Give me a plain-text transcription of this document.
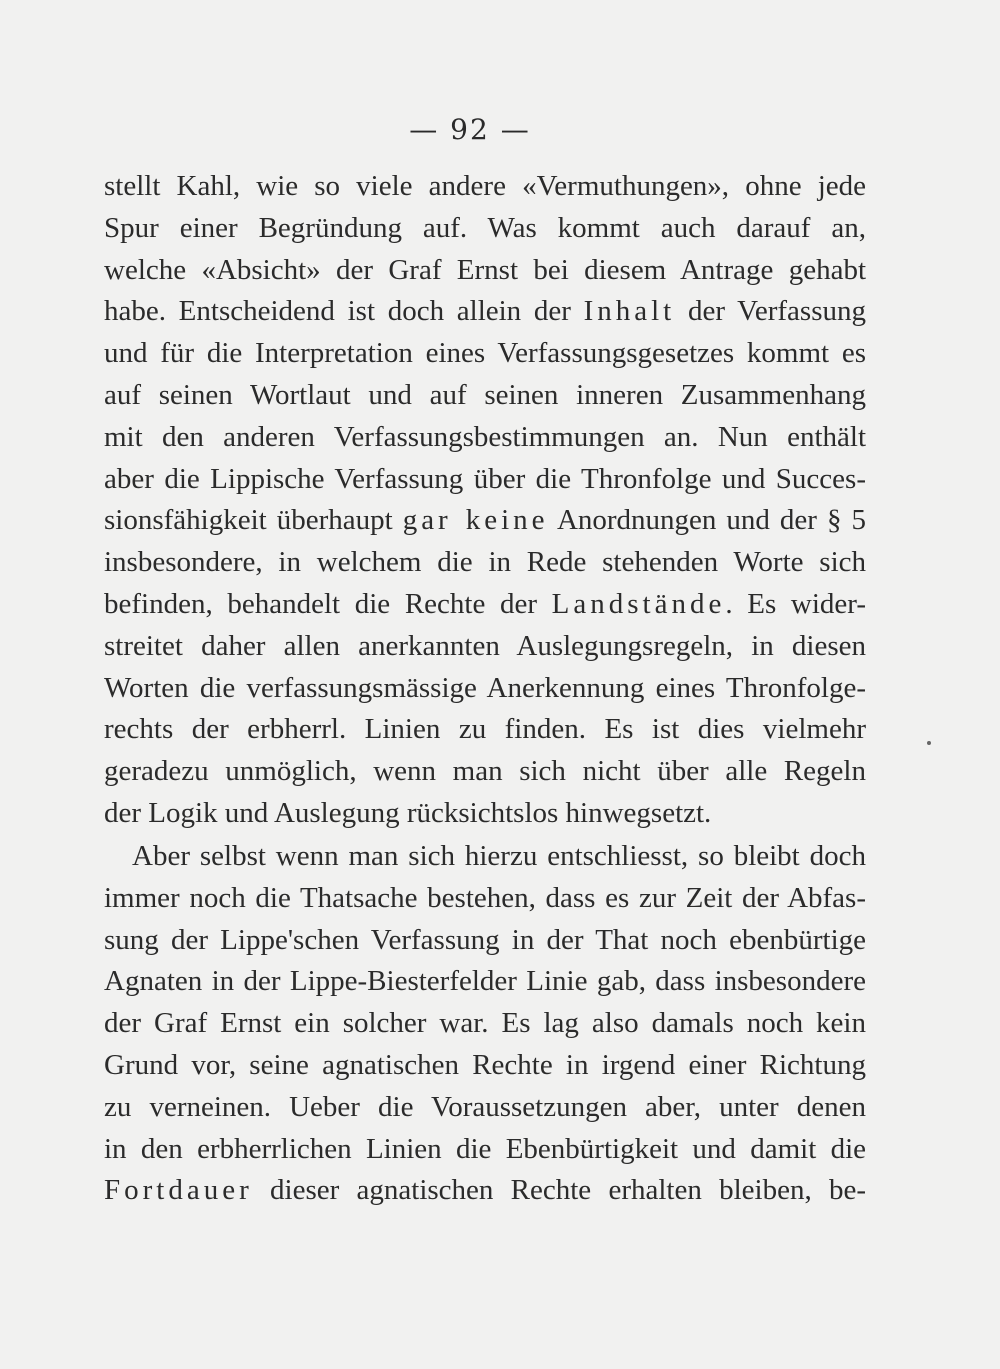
— 92 —
stellt Kahl, wie so viele andere «Vermuthungen», ohne jede
Spur einer Begründung auf. Was kommt auch darauf an,
welche «Absicht» der Graf Ernst bei diesem Antrage gehabt
habe. Entscheidend ist doch allein der Inhalt der Verfassung
und für die Interpretation eines Verfassungsgesetzes kommt es
auf seinen Wortlaut und auf seinen inneren Zusammenhang
mit den anderen Verfassungsbestimmungen an. Nun enthält
aber die Lippische Verfassung über die Thronfolge und Succes-
sionsfähigkeit überhaupt gar keine Anordnungen und der § 5
insbesondere, in welchem die in Rede stehenden Worte sich
befinden, behandelt die Rechte der Landstände. Es wider-
streitet daher allen anerkannten Auslegungsregeln, in diesen
Worten die verfassungsmässige Anerkennung eines Thronfolge-
rechts der erbherrl. Linien zu finden. Es ist dies vielmehr
geradezu unmöglich, wenn man sich nicht über alle Regeln
der Logik und Auslegung rücksichtslos hinwegsetzt.
Aber selbst wenn man sich hierzu entschliesst, so bleibt doch
immer noch die Thatsache bestehen, dass es zur Zeit der Abfas-
sung der Lippe'schen Verfassung in der That noch ebenbürtige
Agnaten in der Lippe-Biesterfelder Linie gab, dass insbesondere
der Graf Ernst ein solcher war. Es lag also damals noch kein
Grund vor, seine agnatischen Rechte in irgend einer Richtung
zu verneinen. Ueber die Voraussetzungen aber, unter denen
in den erbherrlichen Linien die Ebenbürtigkeit und damit die
Fortdauer dieser agnatischen Rechte erhalten bleiben, be-
